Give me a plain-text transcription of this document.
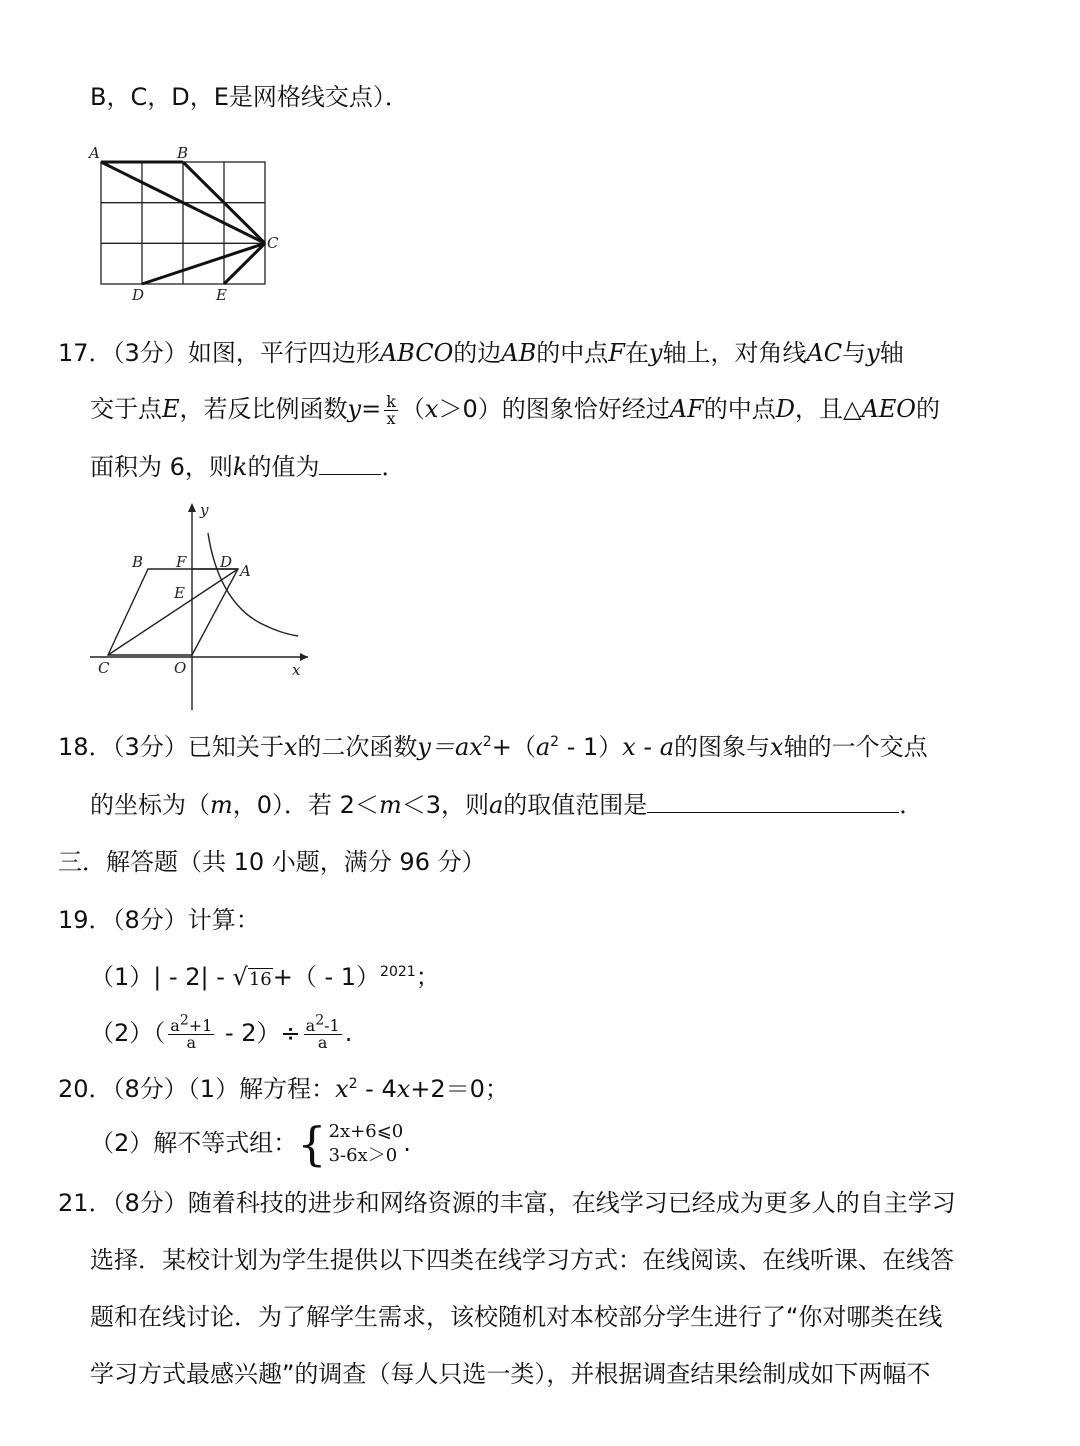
B，C，D，E是网格线交点）．
A	B
C
D	E
17．（3分）如图，平行四边形ABCO的边AB的中点F在y轴上，对角线AC与y轴
交于点E，若反比例函数$y= \frac{k}{x} (x>0)$的图象恰好经过AF的中点D，且△AEO的
面积为 6，则k的值为	．
y
B F D A
E
C	O	x
18．（3分）已知关于x的二次函数$y=ax^2+(a^2 - 1)x - a$的图象与x轴的一个交点
的坐标为（m，0）．若 2＜m＜3，则a的取值范围是	．
三．解答题（共 10 小题，满分 96 分）
19．（8分）计算：
（1）| - 2| - √16+（ - 1）$^{2021}$；
$(2)( \frac{a2+1}{a} - 2)\div \frac{a2-1}{a}$ .
20．（8分）（1）解方程：$x^2 - 4x+2=0$；
（2）解不等式组： { 2x+6⩽0
3-6x＞0 .
21．（8分）随着科技的进步和网络资源的丰富，在线学习已经成为更多人的自主学习
选择．某校计划为学生提供以下四类在线学习方式：在线阅读、在线听课、在线答
题和在线讨论．为了解学生需求，该校随机对本校部分学生进行了“你对哪类在线
学习方式最感兴趣”的调查（每人只选一类），并根据调查结果绘制成如下两幅不
